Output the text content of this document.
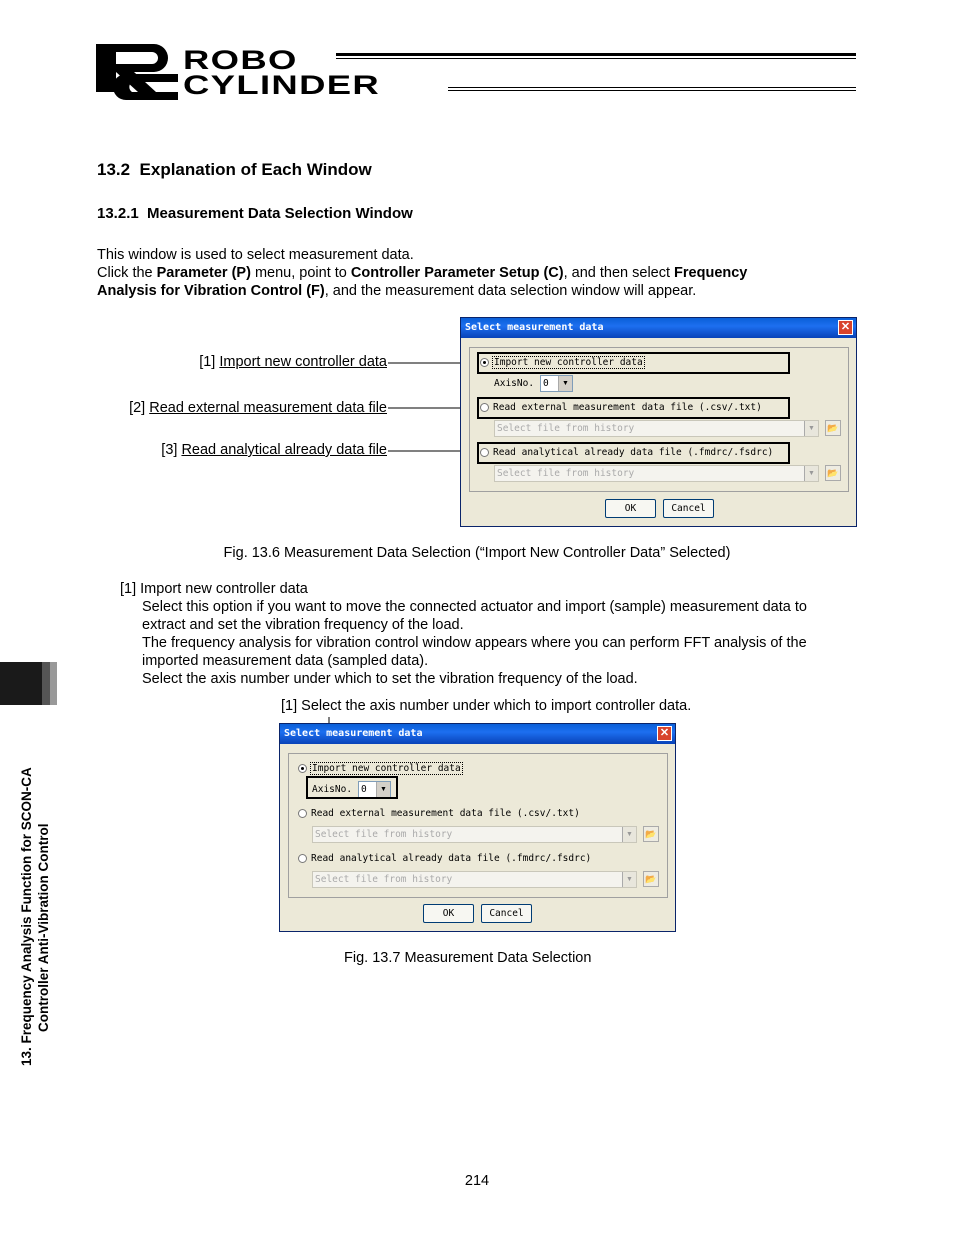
ROBO
CYLINDER
13.2  Explanation of Each Window
13.2.1  Measurement Data Selection Window
This window is used to select measurement data.
Click the Parameter (P) menu, point to Controller Parameter Setup (C), and then select Frequency
Analysis for Vibration Control (F), and the measurement data selection window will appear.
[1] Import new controller data
[2] Read external measurement data file
[3] Read analytical already data file
Select measurement data	✕
Import new controller data
AxisNo. 0	▼
Read external measurement data file (.csv/.txt)
Select file from history	▼	📂
Read analytical already data file (.fmdrc/.fsdrc)
Select file from history	▼	📂
OK	Cancel
Fig. 13.6 Measurement Data Selection (“Import New Controller Data” Selected)
[1] Import new controller data
Select this option if you want to move the connected actuator and import (sample) measurement data to
extract and set the vibration frequency of the load.
The frequency analysis for vibration control window appears where you can perform FFT analysis of the
imported measurement data (sampled data).
Select the axis number under which to set the vibration frequency of the load.
[1] Select the axis number under which to import controller data.
Select measurement data	✕
Import new controller data
AxisNo. 0	▼
Read external measurement data file (.csv/.txt)
Select file from history	▼	📂
Read analytical already data file (.fmdrc/.fsdrc)
Select file from history	▼	📂
OK	Cancel
Fig. 13.7 Measurement Data Selection
13. Frequency Analysis Function for SCON-CA Controller Anti-Vibration Control
214
